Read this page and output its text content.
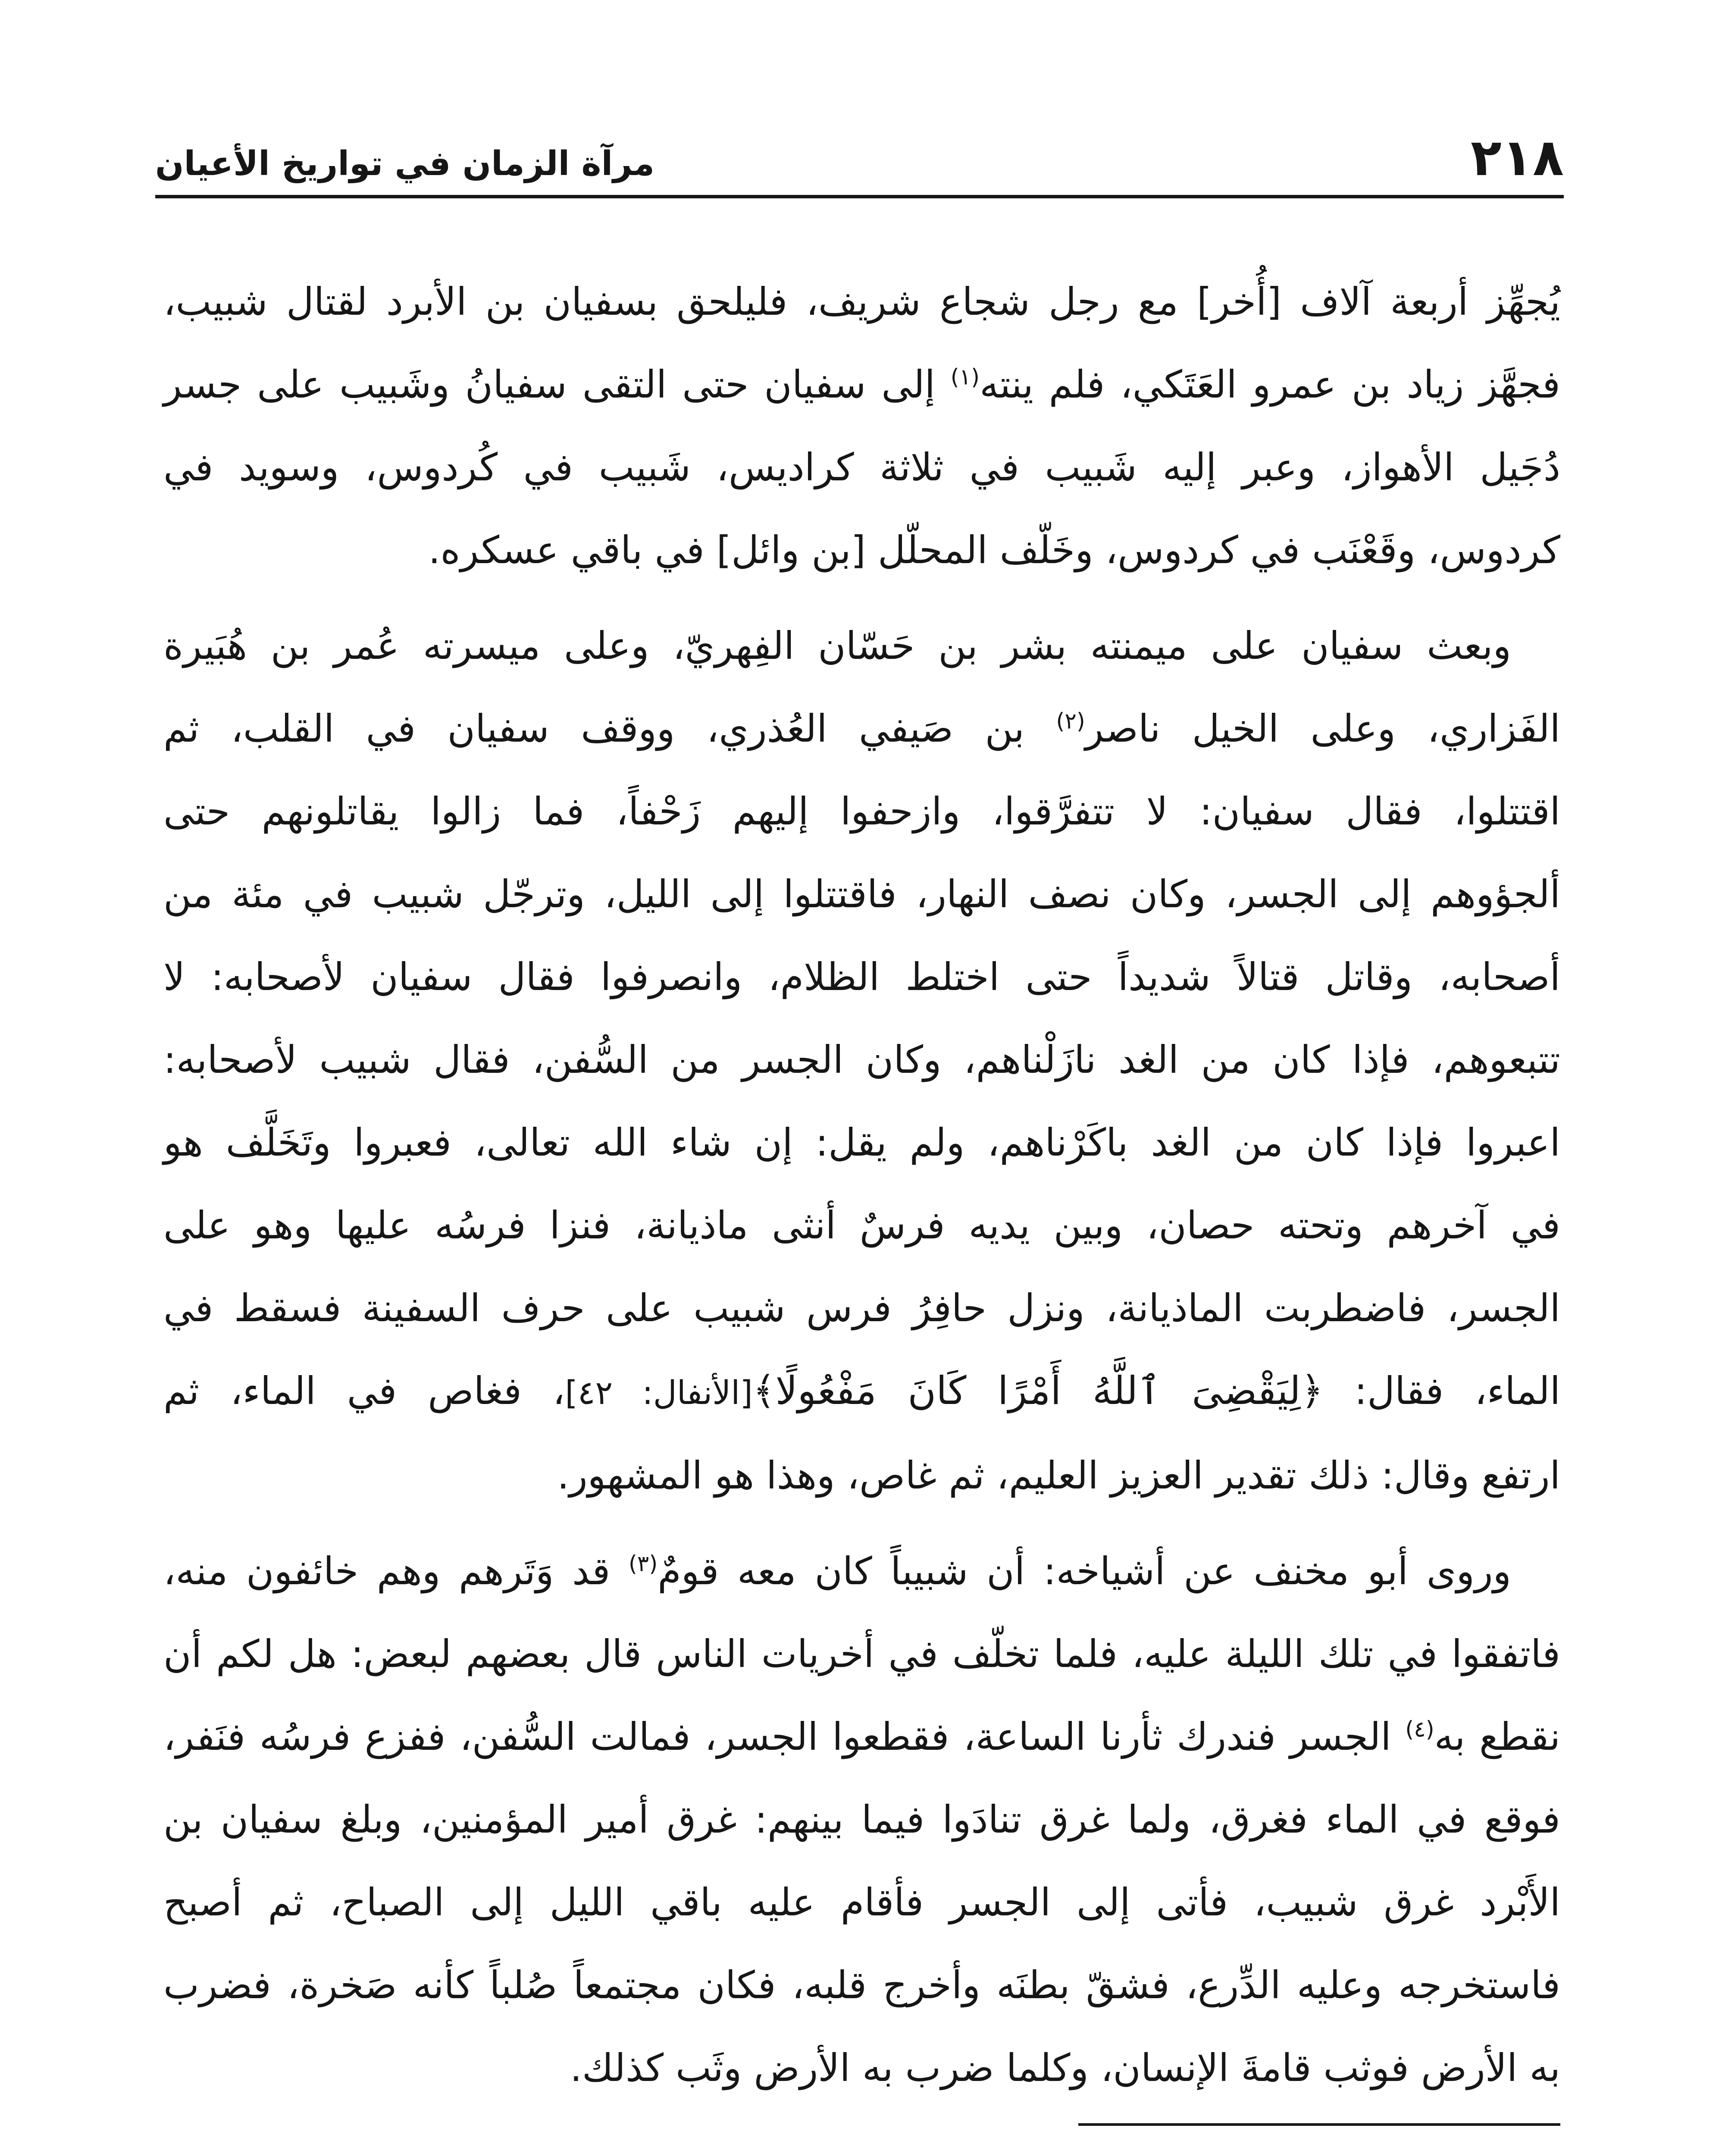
٢١٨
مرآة الزمان في تواريخ الأعيان
يُجهِّز أربعة آلاف [أُخر] مع رجل شجاع شريف، فليلحق بسفيان بن الأبرد لقتال شبيب،
فجهَّز زياد بن عمرو العَتَكي، فلم ينته$^{(١)}$ إلى سفيان حتى التقى سفيانُ وشَبيب على جسر
دُجَيل الأهواز، وعبر إليه شَبيب في ثلاثة كراديس، شَبيب في كُردوس، وسويد في
كردوس، وقَعْنَب في كردوس، وخَلّف المحلّل [بن وائل] في باقي عسكره.
وبعث سفيان على ميمنته بشر بن حَسّان الفِهريّ، وعلى ميسرته عُمر بن هُبَيرة
الفَزاري، وعلى الخيل ناصر$^{(٢)}$ بن صَيفي العُذري، ووقف سفيان في القلب، ثم
اقتتلوا، فقال سفيان: لا تتفرَّقوا، وازحفوا إليهم زَحْفاً، فما زالوا يقاتلونهم حتى
ألجؤوهم إلى الجسر، وكان نصف النهار، فاقتتلوا إلى الليل، وترجّل شبيب في مئة من
أصحابه، وقاتل قتالاً شديداً حتى اختلط الظلام، وانصرفوا فقال سفيان لأصحابه: لا
تتبعوهم، فإذا كان من الغد نازَلْناهم، وكان الجسر من السُّفن، فقال شبيب لأصحابه:
اعبروا فإذا كان من الغد باكَرْناهم، ولم يقل: إن شاء الله تعالى، فعبروا وتَخَلَّف هو
في آخرهم وتحته حصان، وبين يديه فرسٌ أنثى ماذيانة، فنزا فرسُه عليها وهو على
الجسر، فاضطربت الماذيانة، ونزل حافِرُ فرس شبيب على حرف السفينة فسقط في
الماء، فقال: ﴿لِيَقْضِىَ ٱللَّهُ أَمْرًا كَانَ مَفْعُولًا﴾[الأنفال: ٤٢]، فغاص في الماء، ثم
ارتفع وقال: ذلك تقدير العزيز العليم، ثم غاص، وهذا هو المشهور.
وروى أبو مخنف عن أشياخه: أن شبيباً كان معه قومٌ$^{(٣)}$ قد وَتَرهم وهم خائفون منه،
فاتفقوا في تلك الليلة عليه، فلما تخلّف في أخريات الناس قال بعضهم لبعض: هل لكم أن
نقطع به$^{(٤)}$ الجسر فندرك ثأرنا الساعة، فقطعوا الجسر، فمالت السُّفن، ففزع فرسُه فنَفر،
فوقع في الماء فغرق، ولما غرق تنادَوا فيما بينهم: غرق أمير المؤمنين، وبلغ سفيان بن
الأَبْرد غرق شبيب، فأتى إلى الجسر فأقام عليه باقي الليل إلى الصباح، ثم أصبح
فاستخرجه وعليه الدِّرع، فشقّ بطنَه وأخرج قلبه، فكان مجتمعاً صُلباً كأنه صَخرة، فضرب
به الأرض فوثب قامةَ الإنسان، وكلما ضرب به الأرض وثَب كذلك.
